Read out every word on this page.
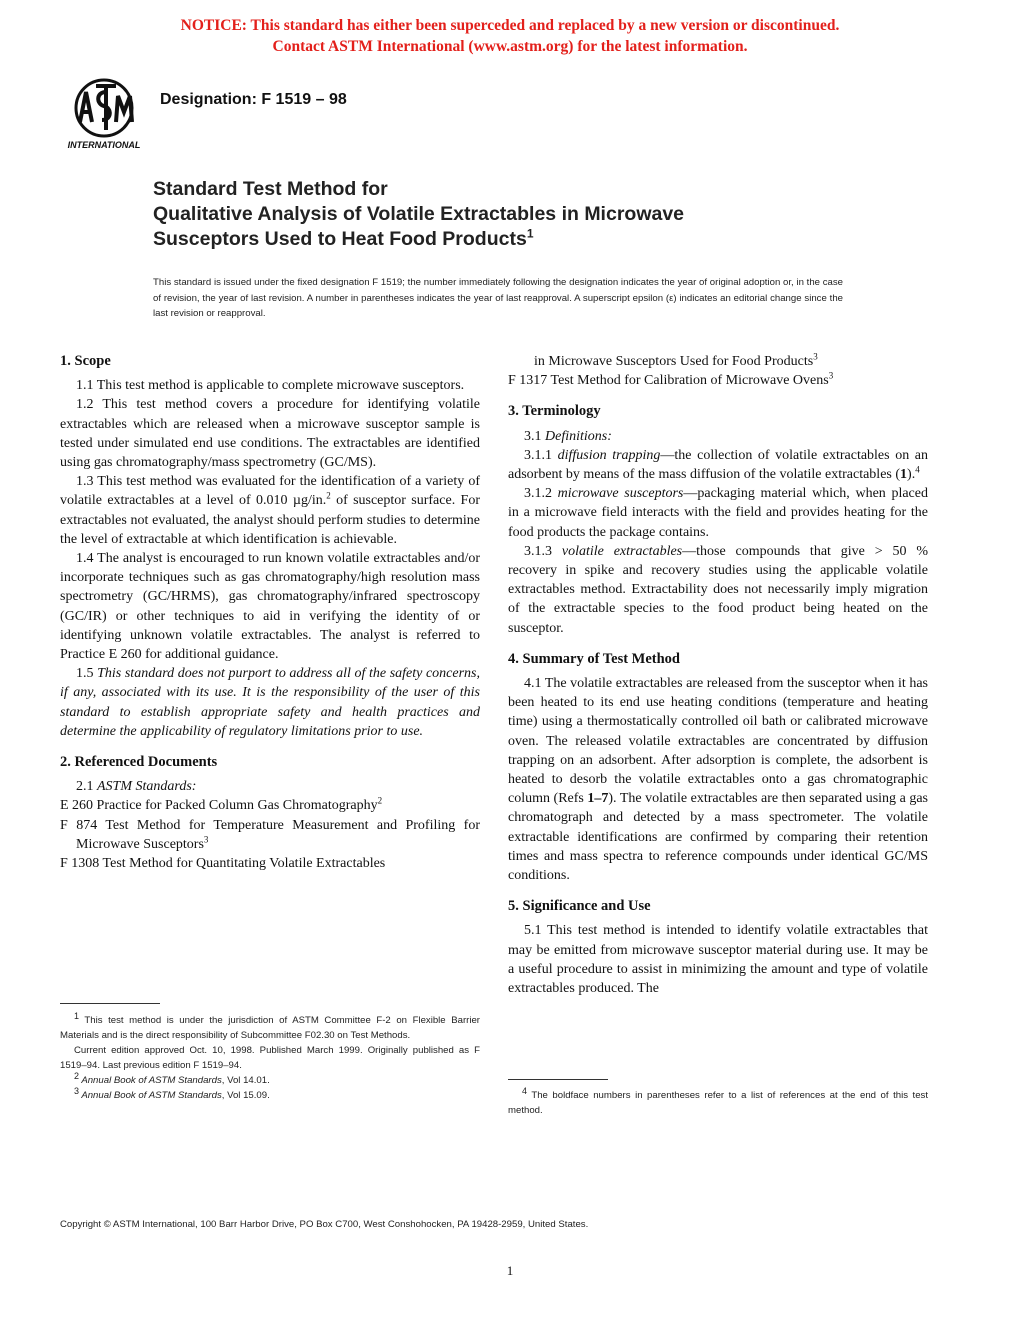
NOTICE: This standard has either been superceded and replaced by a new version or discontinued.
Contact ASTM International (www.astm.org) for the latest information.
INTERNATIONAL
Designation: F 1519 – 98
Standard Test Method for
Qualitative Analysis of Volatile Extractables in Microwave
Susceptors Used to Heat Food Products$^1$
This standard is issued under the fixed designation F 1519; the number immediately following the designation indicates the year of original adoption or, in the case of revision, the year of last revision. A number in parentheses indicates the year of last reapproval. A superscript epsilon (ε) indicates an editorial change since the last revision or reapproval.
1. Scope

1.1 This test method is applicable to complete microwave susceptors.

1.2 This test method covers a procedure for identifying volatile extractables which are released when a microwave susceptor sample is tested under simulated end use conditions. The extractables are identified using gas chromatography/mass spectrometry (GC/MS).

1.3 This test method was evaluated for the identification of a variety of volatile extractables at a level of 0.010 µg/in.$^2$ of susceptor surface. For extractables not evaluated, the analyst should perform studies to determine the level of extractable at which identification is achievable.

1.4 The analyst is encouraged to run known volatile extractables and/or incorporate techniques such as gas chromatography/high resolution mass spectrometry (GC/HRMS), gas chromatography/infrared spectroscopy (GC/IR) or other techniques to aid in verifying the identity of or identifying unknown volatile extractables. The analyst is referred to Practice E 260 for additional guidance.

1.5 This standard does not purport to address all of the safety concerns, if any, associated with its use. It is the responsibility of the user of this standard to establish appropriate safety and health practices and determine the applicability of regulatory limitations prior to use.

2. Referenced Documents

2.1 ASTM Standards:

E 260 Practice for Packed Column Gas Chromatography$^2$

F 874 Test Method for Temperature Measurement and Profiling for Microwave Susceptors$^3$

F 1308 Test Method for Quantitating Volatile Extractables

$^1$ This test method is under the jurisdiction of ASTM Committee F-2 on Flexible Barrier Materials and is the direct responsibility of Subcommittee F02.30 on Test Methods.

Current edition approved Oct. 10, 1998. Published March 1999. Originally published as F 1519–94. Last previous edition F 1519–94.

$^2$ Annual Book of ASTM Standards, Vol 14.01.

$^3$ Annual Book of ASTM Standards, Vol 15.09.

in Microwave Susceptors Used for Food Products$^3$

F 1317 Test Method for Calibration of Microwave Ovens$^3$

3. Terminology

3.1 Definitions:

3.1.1 diffusion trapping—the collection of volatile extractables on an adsorbent by means of the mass diffusion of the volatile extractables (1).$^4$

3.1.2 microwave susceptors—packaging material which, when placed in a microwave field interacts with the field and provides heating for the food products the package contains.

3.1.3 volatile extractables—those compounds that give > 50 % recovery in spike and recovery studies using the applicable volatile extractables method. Extractability does not necessarily imply migration of the extractable species to the food product being heated on the susceptor.

4. Summary of Test Method

4.1 The volatile extractables are released from the susceptor when it has been heated to its end use heating conditions (temperature and heating time) using a thermostatically controlled oil bath or calibrated microwave oven. The released volatile extractables are concentrated by diffusion trapping on an adsorbent. After adsorption is complete, the adsorbent is heated to desorb the volatile extractables onto a gas chromatographic column (Refs 1–7). The volatile extractables are then separated using a gas chromatograph and detected by a mass spectrometer. The volatile extractable identifications are confirmed by comparing their retention times and mass spectra to reference compounds under identical GC/MS conditions.

5. Significance and Use

5.1 This test method is intended to identify volatile extractables that may be emitted from microwave susceptor material during use. It may be a useful procedure to assist in minimizing the amount and type of volatile extractables produced. The

$^4$ The boldface numbers in parentheses refer to a list of references at the end of this test method.

Copyright © ASTM International, 100 Barr Harbor Drive, PO Box C700, West Conshohocken, PA 19428-2959, United States.
1
